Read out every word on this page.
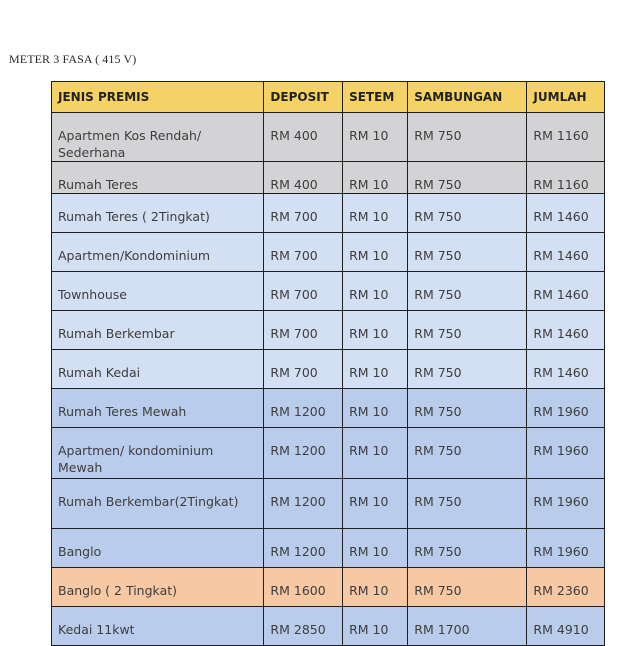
METER 3 FASA ( 415 V)
JENIS PREMIS	DEPOSIT	SETEM	SAMBUNGAN	JUMLAH
Apartmen Kos Rendah/ Sederhana	RM 400	RM 10	RM 750	RM 1160
Rumah Teres	RM 400	RM 10	RM 750	RM 1160
Rumah Teres ( 2Tingkat)	RM 700	RM 10	RM 750	RM 1460
Apartmen/Kondominium	RM 700	RM 10	RM 750	RM 1460
Townhouse	RM 700	RM 10	RM 750	RM 1460
Rumah Berkembar	RM 700	RM 10	RM 750	RM 1460
Rumah Kedai	RM 700	RM 10	RM 750	RM 1460
Rumah Teres Mewah	RM 1200	RM 10	RM 750	RM 1960
Apartmen/ kondominium Mewah	RM 1200	RM 10	RM 750	RM 1960
Rumah Berkembar(2Tingkat)	RM 1200	RM 10	RM 750	RM 1960
Banglo	RM 1200	RM 10	RM 750	RM 1960
Banglo ( 2 Tingkat)	RM 1600	RM 10	RM 750	RM 2360
Kedai 11kwt	RM 2850	RM 10	RM 1700	RM 4910
